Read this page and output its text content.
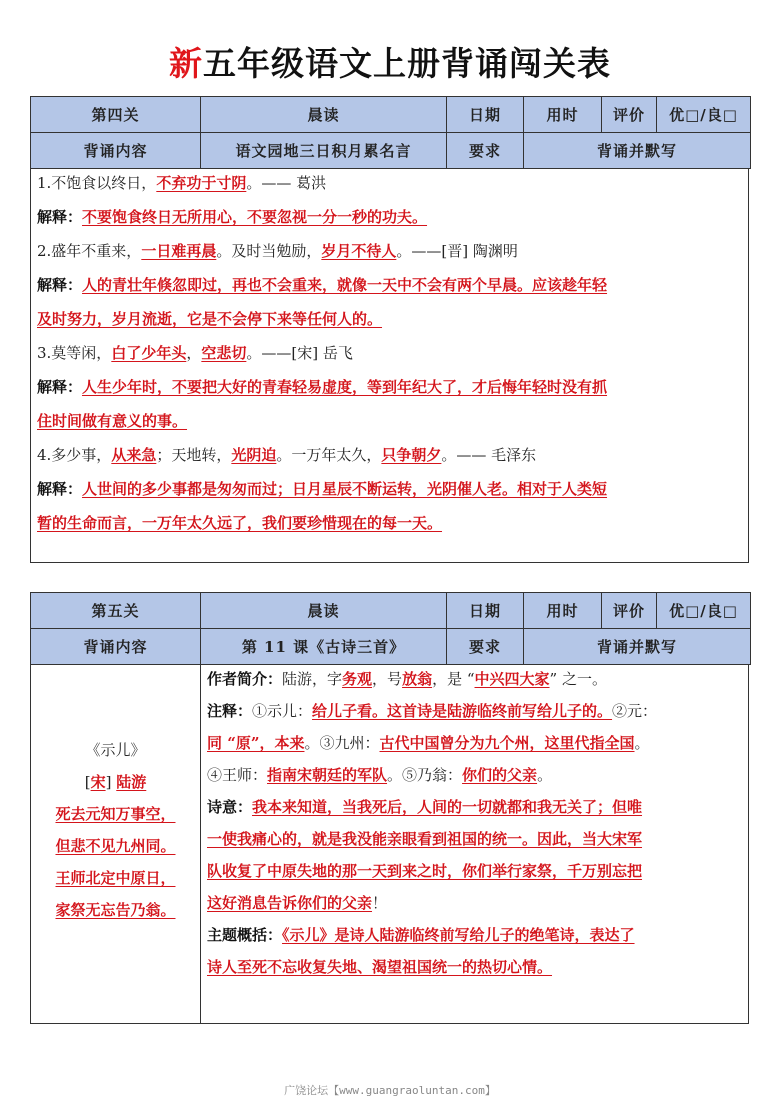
新五年级语文上册背诵闯关表
第四关	晨读	日期	用时	评价	优□/良□
背诵内容	语文园地三日积月累名言	要求	背诵并默写		

1.不饱食以终日，不弃功于寸阴。—— 葛洪

解释：不要饱食终日无所用心，不要忽视一分一秒的功夫。

2.盛年不重来，一日难再晨。及时当勉励，岁月不待人。——[晋] 陶渊明

解释：人的青壮年倏忽即过，再也不会重来，就像一天中不会有两个早晨。应该趁年轻

及时努力，岁月流逝，它是不会停下来等任何人的。

3.莫等闲，白了少年头，空悲切。——[宋] 岳飞

解释：人生少年时，不要把大好的青春轻易虚度，等到年纪大了，才后悔年轻时没有抓

住时间做有意义的事。

4.多少事，从来急；天地转，光阴迫。一万年太久，只争朝夕。—— 毛泽东

解释：人世间的多少事都是匆匆而过；日月星辰不断运转，光阴催人老。相对于人类短

暂的生命而言，一万年太久远了，我们要珍惜现在的每一天。

第五关	晨读	日期	用时	评价	优□/良□
背诵内容	第 11 课《古诗三首》	要求	背诵并默写		

《示儿》

[宋] 陆游

死去元知万事空，

但悲不见九州同。

王师北定中原日，

家祭无忘告乃翁。

作者简介：陆游，字务观，号放翁，是 “中兴四大家” 之一。

注释：①示儿：给儿子看。这首诗是陆游临终前写给儿子的。②元：

同 “原”，本来。③九州：古代中国曾分为九个州，这里代指全国。

④王师：指南宋朝廷的军队。⑤乃翁：你们的父亲。

诗意：我本来知道，当我死后，人间的一切就都和我无关了；但唯

一使我痛心的，就是我没能亲眼看到祖国的统一。因此，当大宋军

队收复了中原失地的那一天到来之时，你们举行家祭，千万别忘把

这好消息告诉你们的父亲！

主题概括：《示儿》是诗人陆游临终前写给儿子的绝笔诗，表达了

诗人至死不忘收复失地、渴望祖国统一的热切心情。

广饶论坛【www.guangraoluntan.com】
